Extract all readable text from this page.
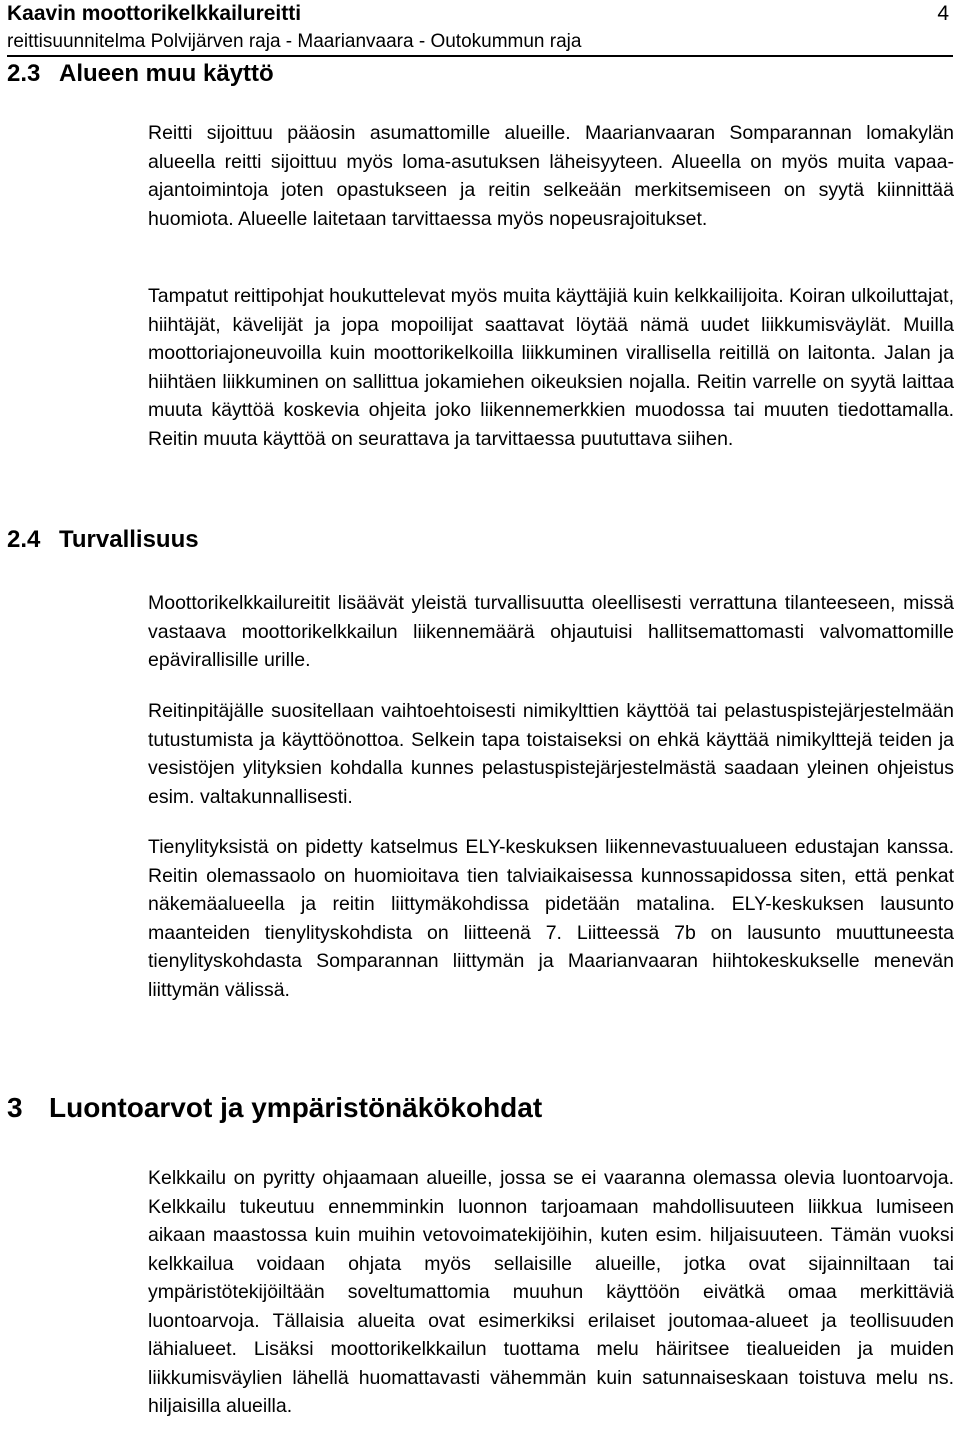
Kaavin moottorikelkkailureitti	4
reittisuunnitelma Polvijärven raja - Maarianvaara - Outokummun raja
2.3 Alueen muu käyttö

Reitti sijoittuu pääosin asumattomille alueille. Maarianvaaran Somparannan lomakylän alueella reitti sijoittuu myös loma-asutuksen läheisyyteen. Alueella on myös muita vapaa-ajantoimintoja joten opastukseen ja reitin selkeään merkitsemiseen on syytä kiinnittää huomiota. Alueelle laitetaan tarvittaessa myös nopeusrajoitukset.

Tampatut reittipohjat houkuttelevat myös muita käyttäjiä kuin kelkkailijoita. Koiran ulkoiluttajat, hiihtäjät, kävelijät ja jopa mopoilijat saattavat löytää nämä uudet liikkumisväylät. Muilla moottoriajoneuvoilla kuin moottorikelkoilla liikkuminen virallisella reitillä on laitonta. Jalan ja hiihtäen liikkuminen on sallittua jokamiehen oikeuksien nojalla. Reitin varrelle on syytä laittaa muuta käyttöä koskevia ohjeita joko liikennemerkkien muodossa tai muuten tiedottamalla. Reitin muuta käyttöä on seurattava ja tarvittaessa puututtava siihen.

2.4 Turvallisuus

Moottorikelkkailureitit lisäävät yleistä turvallisuutta oleellisesti verrattuna tilanteeseen, missä vastaava moottorikelkkailun liikennemäärä ohjautuisi hallitsemattomasti valvomattomille epävirallisille urille.

Reitinpitäjälle suositellaan vaihtoehtoisesti nimikylttien käyttöä tai pelastuspistejärjestelmään tutustumista ja käyttöönottoa. Selkein tapa toistaiseksi on ehkä käyttää nimikylttejä teiden ja vesistöjen ylityksien kohdalla kunnes pelastuspistejärjestelmästä saadaan yleinen ohjeistus esim. valtakunnallisesti.

Tienylityksistä on pidetty katselmus ELY-keskuksen liikennevastuualueen edustajan kanssa. Reitin olemassaolo on huomioitava tien talviaikaisessa kunnossapidossa siten, että penkat näkemäalueella ja reitin liittymäkohdissa pidetään matalina. ELY-keskuksen lausunto maanteiden tienylityskohdista on liitteenä 7. Liitteessä 7b on lausunto muuttuneesta tienylityskohdasta Somparannan liittymän ja Maarianvaaran hiihtokeskukselle menevän liittymän välissä.

3 Luontoarvot ja ympäristönäkökohdat

Kelkkailu on pyritty ohjaamaan alueille, jossa se ei vaaranna olemassa olevia luontoarvoja. Kelkkailu tukeutuu ennemminkin luonnon tarjoamaan mahdollisuuteen liikkua lumiseen aikaan maastossa kuin muihin vetovoimatekijöihin, kuten esim. hiljaisuuteen. Tämän vuoksi kelkkailua voidaan ohjata myös sellaisille alueille, jotka ovat sijainniltaan tai ympäristötekijöiltään soveltumattomia muuhun käyttöön eivätkä omaa merkittäviä luontoarvoja. Tällaisia alueita ovat esimerkiksi erilaiset joutomaa-alueet ja teollisuuden lähialueet. Lisäksi moottorikelkkailun tuottama melu häiritsee tiealueiden ja muiden liikkumisväylien lähellä huomattavasti vähemmän kuin satunnaiseskaan toistuva melu ns. hiljaisilla alueilla.
